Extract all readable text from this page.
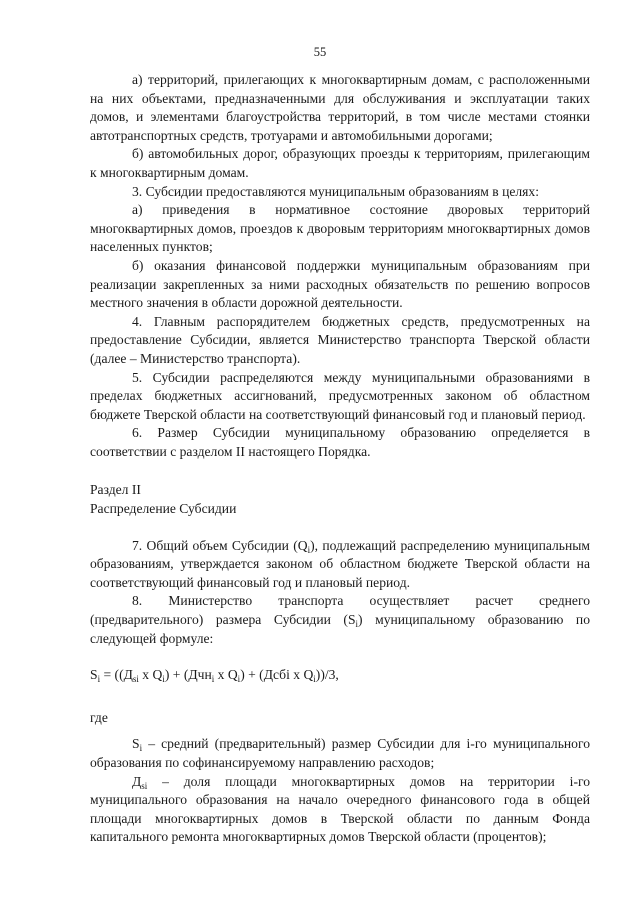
55

а) территорий, прилегающих к многоквартирным домам, с расположенными на них объектами, предназначенными для обслуживания и эксплуатации таких домов, и элементами благоустройства территорий, в том числе местами стоянки автотранспортных средств, тротуарами и автомобильными дорогами;

б) автомобильных дорог, образующих проезды к территориям, прилегающим к многоквартирным домам.

3. Субсидии предоставляются муниципальным образованиям в целях:

а) приведения в нормативное состояние дворовых территорий многоквартирных домов, проездов к дворовым территориям многоквартирных домов населенных пунктов;

б) оказания финансовой поддержки муниципальным образованиям при реализации закрепленных за ними расходных обязательств по решению вопросов местного значения в области дорожной деятельности.

4. Главным распорядителем бюджетных средств, предусмотренных на предоставление Субсидии, является Министерство транспорта Тверской области (далее – Министерство транспорта).

5. Субсидии распределяются между муниципальными образованиями в пределах бюджетных ассигнований, предусмотренных законом об областном бюджете Тверской области на соответствующий финансовый год и плановый период.

6. Размер Субсидии муниципальному образованию определяется в соответствии с разделом II настоящего Порядка.

Раздел II

Распределение Субсидии

7. Общий объем Субсидии $(Q_i)$, подлежащий распределению муниципальным образованиям, утверждается законом об областном бюджете Тверской области на соответствующий финансовый год и плановый период.

8. Министерство транспорта осуществляет расчет среднего (предварительного) размера Субсидии $(S_i)$ муниципальному образованию по следующей формуле:

$S_i = ((Д_{si}$ x $Q_i) + (Дчн_i$ x $Q_i$) + (Дсбі x $Q_i))/3$,

где

$S_i$ – средний (предварительный) размер Субсидии для і-го муниципального образования по софинансируемому направлению расходов;

$Д_{si}$ – доля площади многоквартирных домов на территории і-го муниципального образования на начало очередного финансового года в общей площади многоквартирных домов в Тверской области по данным Фонда капитального ремонта многоквартирных домов Тверской области (процентов);
